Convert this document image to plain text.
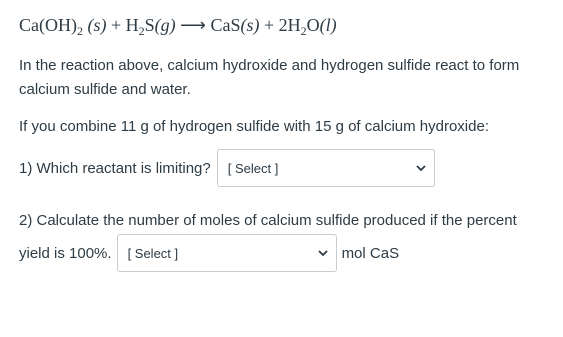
$Ca(OH)_2$ $(s) + H_2S(g)$ ⟶ $CaS(s) + 2H_2O(l)$
In the reaction above, calcium hydroxide and hydrogen sulfide react to form calcium sulfide and water.
If you combine 11 g of hydrogen sulfide with 15 g of calcium hydroxide:
1) Which reactant is limiting?	[ Select ]
2) Calculate the number of moles of calcium sulfide produced if the percent
yield is 100%.	[ Select ]	mol CaS
